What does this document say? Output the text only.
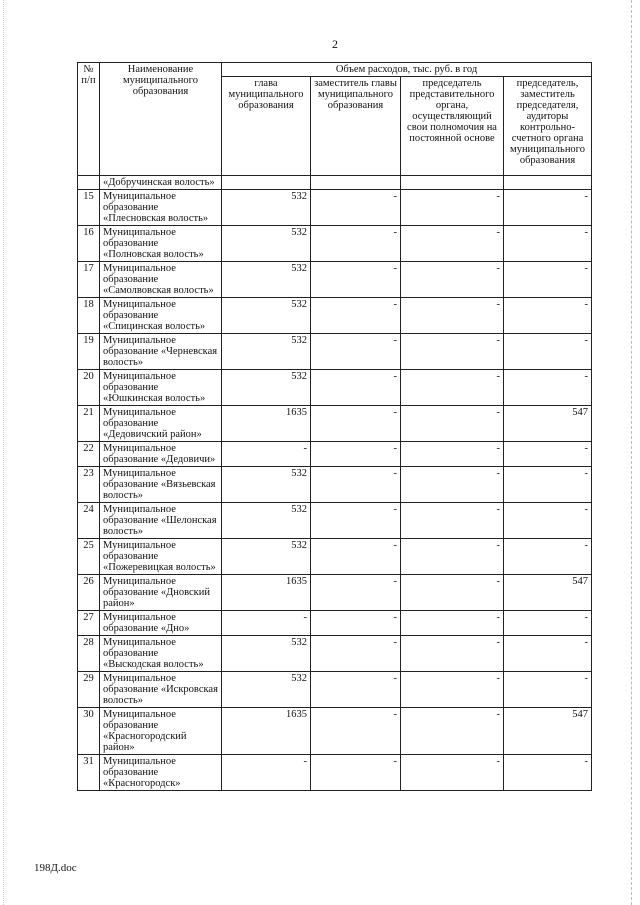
2
№ п/п	Наименование муниципального образования	Объем расходов, тыс. руб. в год			
		глава муниципального образования	заместитель главы муниципального образования	председатель представительного органа, осуществляющий свои полномочия на постоянной основе	председатель, заместитель председателя, аудиторы контрольно-счетного органа муниципального образования
	«Добручинская волость»				
15	Муниципальное образование «Плесновская волость»	532	-	-	-
16	Муниципальное образование «Полновская волость»	532	-	-	-
17	Муниципальное образование «Самолвовская волость»	532	-	-	-
18	Муниципальное образование «Спицинская волость»	532	-	-	-
19	Муниципальное образование «Черневская волость»	532	-	-	-
20	Муниципальное образование «Юшкинская волость»	532	-	-	-
21	Муниципальное образование «Дедовичский район»	1635	-	-	547
22	Муниципальное образование «Дедовичи»	-	-	-	-
23	Муниципальное образование «Вязьевская волость»	532	-	-	-
24	Муниципальное образование «Шелонская волость»	532	-	-	-
25	Муниципальное образование «Пожеревицкая волость»	532	-	-	-
26	Муниципальное образование «Дновский район»	1635	-	-	547
27	Муниципальное образование «Дно»	-	-	-	-
28	Муниципальное образование «Выскодская волость»	532	-	-	-
29	Муниципальное образование «Искровская волость»	532	-	-	-
30	Муниципальное образование «Красногородский район»	1635	-	-	547
31	Муниципальное образование «Красногородск»	-	-	-	-
198Д.doc
